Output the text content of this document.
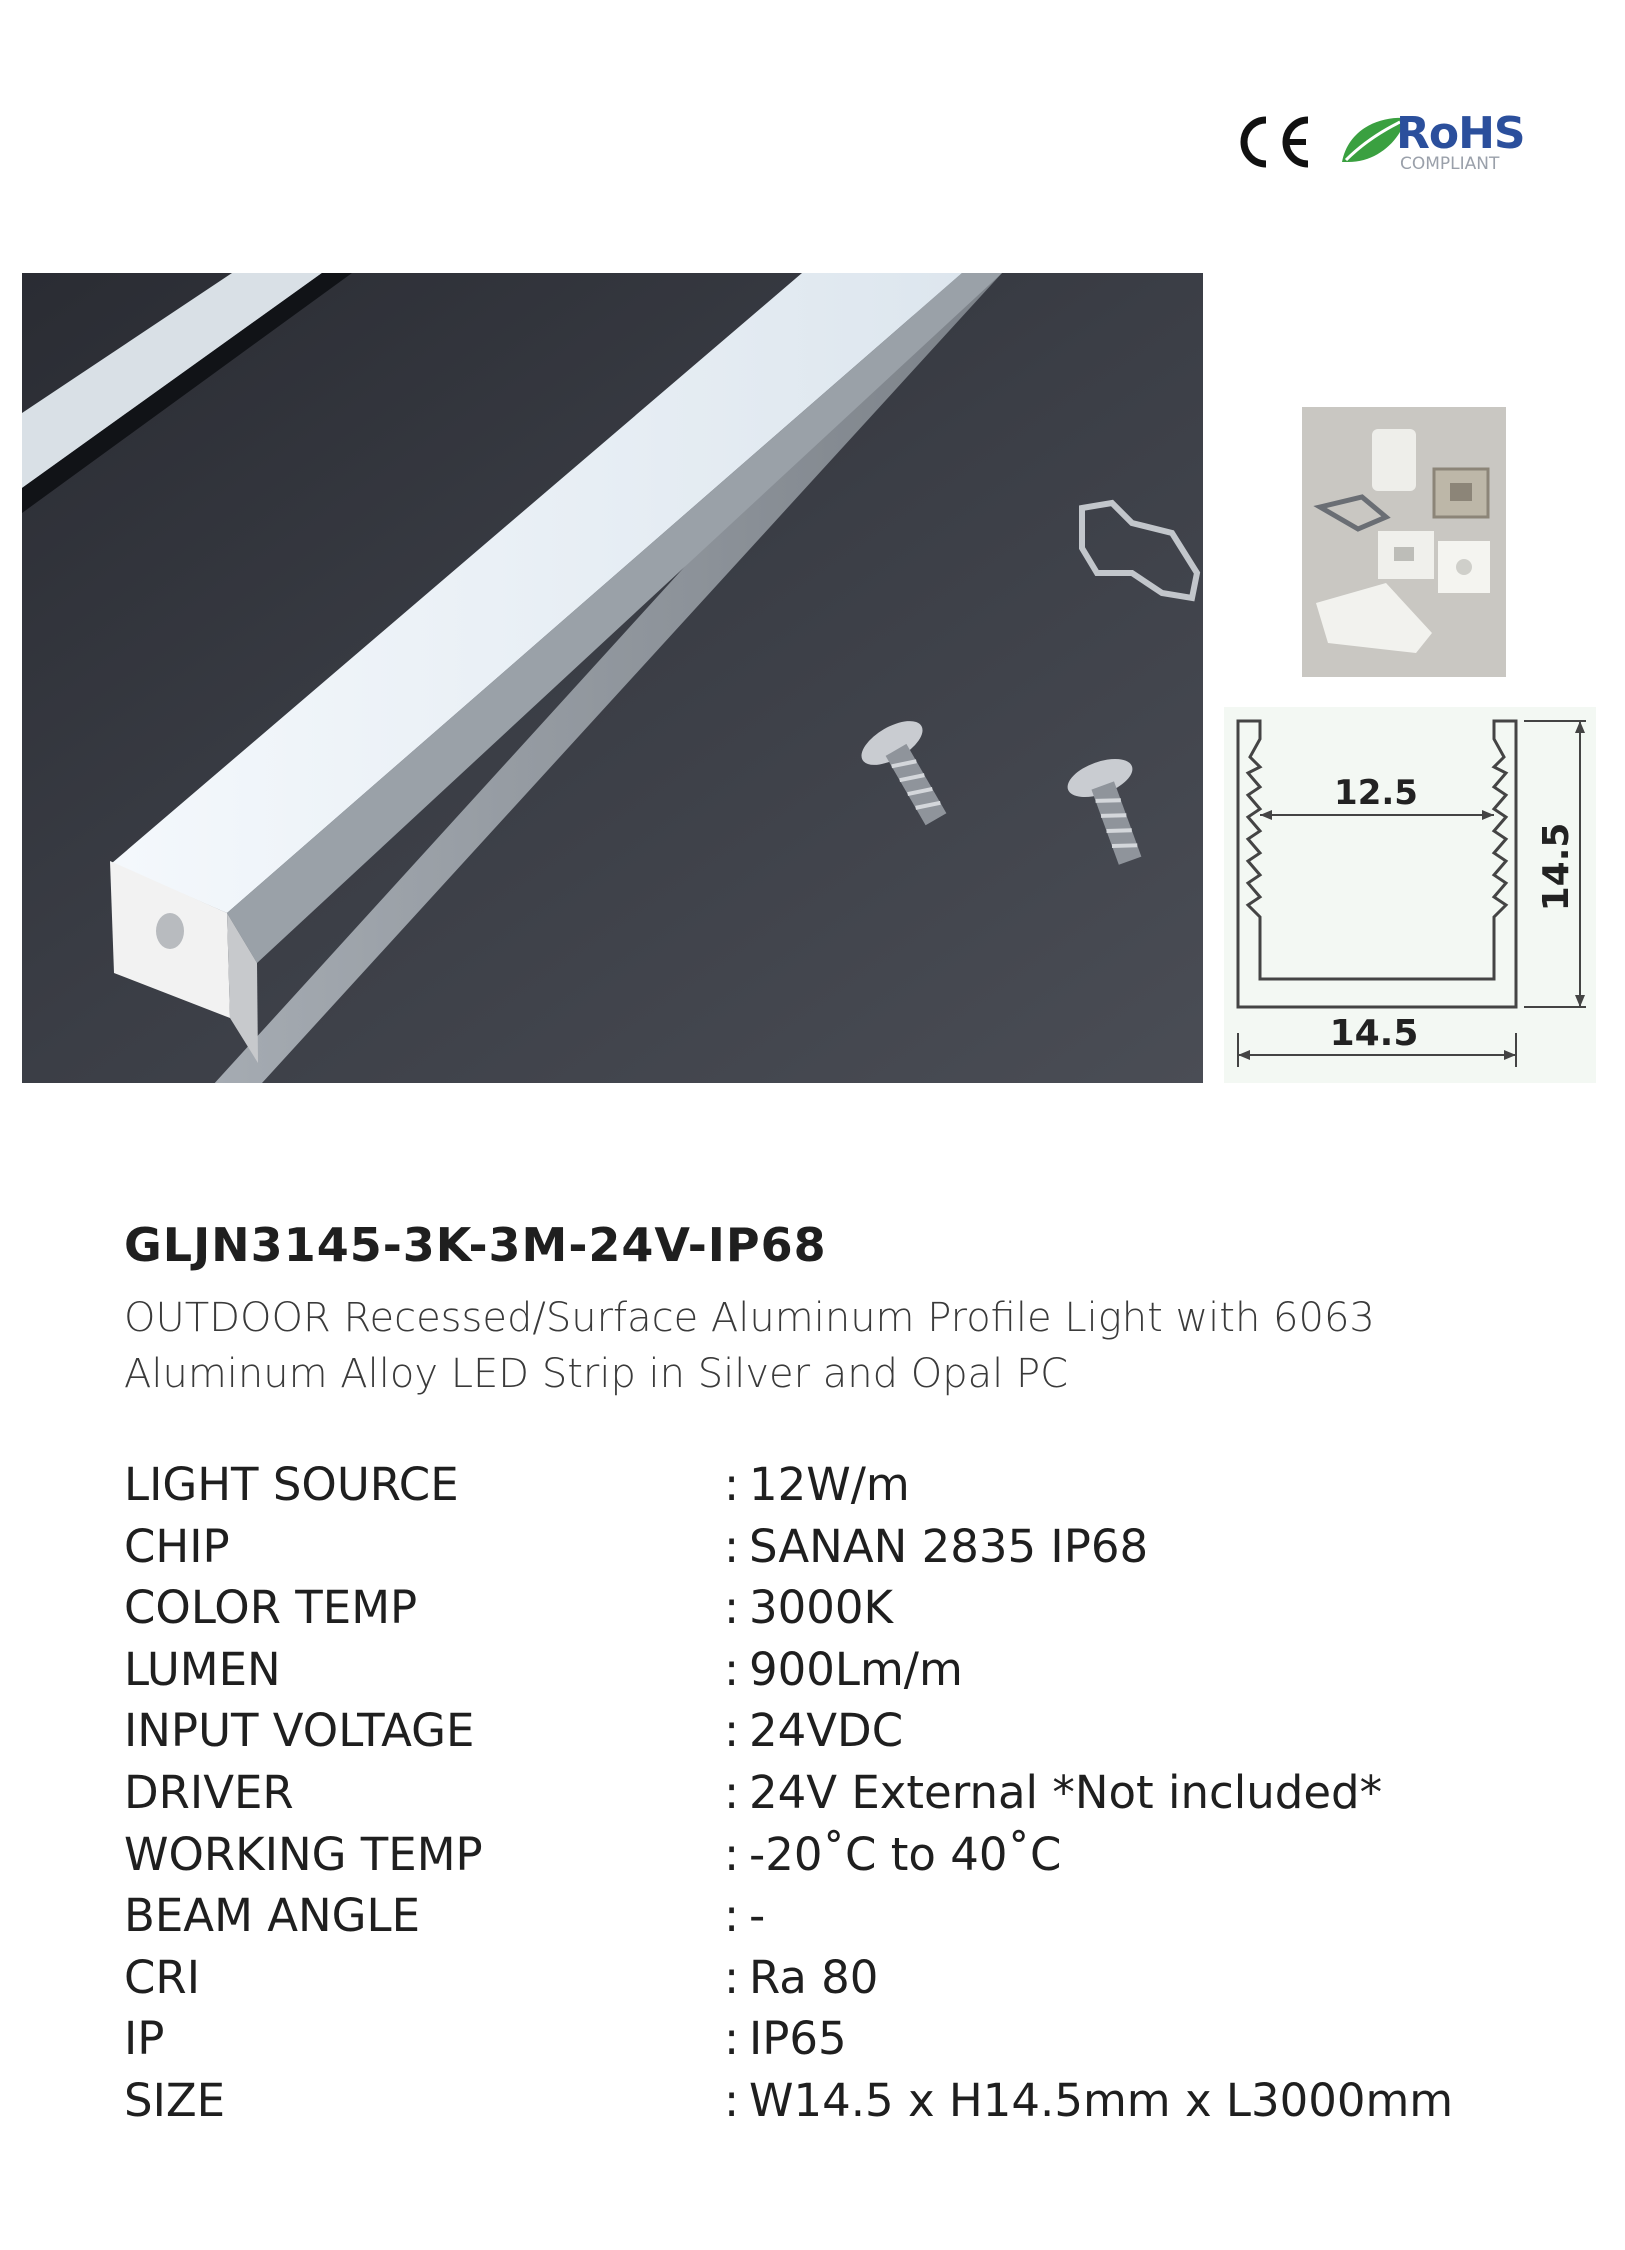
RoHS
COMPLIANT
12.5
14.5
14.5
GLJN3145-3K-3M-24V-IP68
OUTDOOR Recessed/Surface Aluminum Profile Light with 6063 Aluminum Alloy LED Strip in Silver and Opal PC
LIGHT SOURCE	: 12W/m
CHIP	: SANAN 2835 IP68
COLOR TEMP	: 3000K
LUMEN	: 900Lm/m
INPUT VOLTAGE	: 24VDC
DRIVER	: 24V External *Not included*
WORKING TEMP	: -20˚C to 40˚C
BEAM ANGLE	: -
CRI	: Ra 80
IP	: IP65
SIZE	: W14.5 x H14.5mm x L3000mm
